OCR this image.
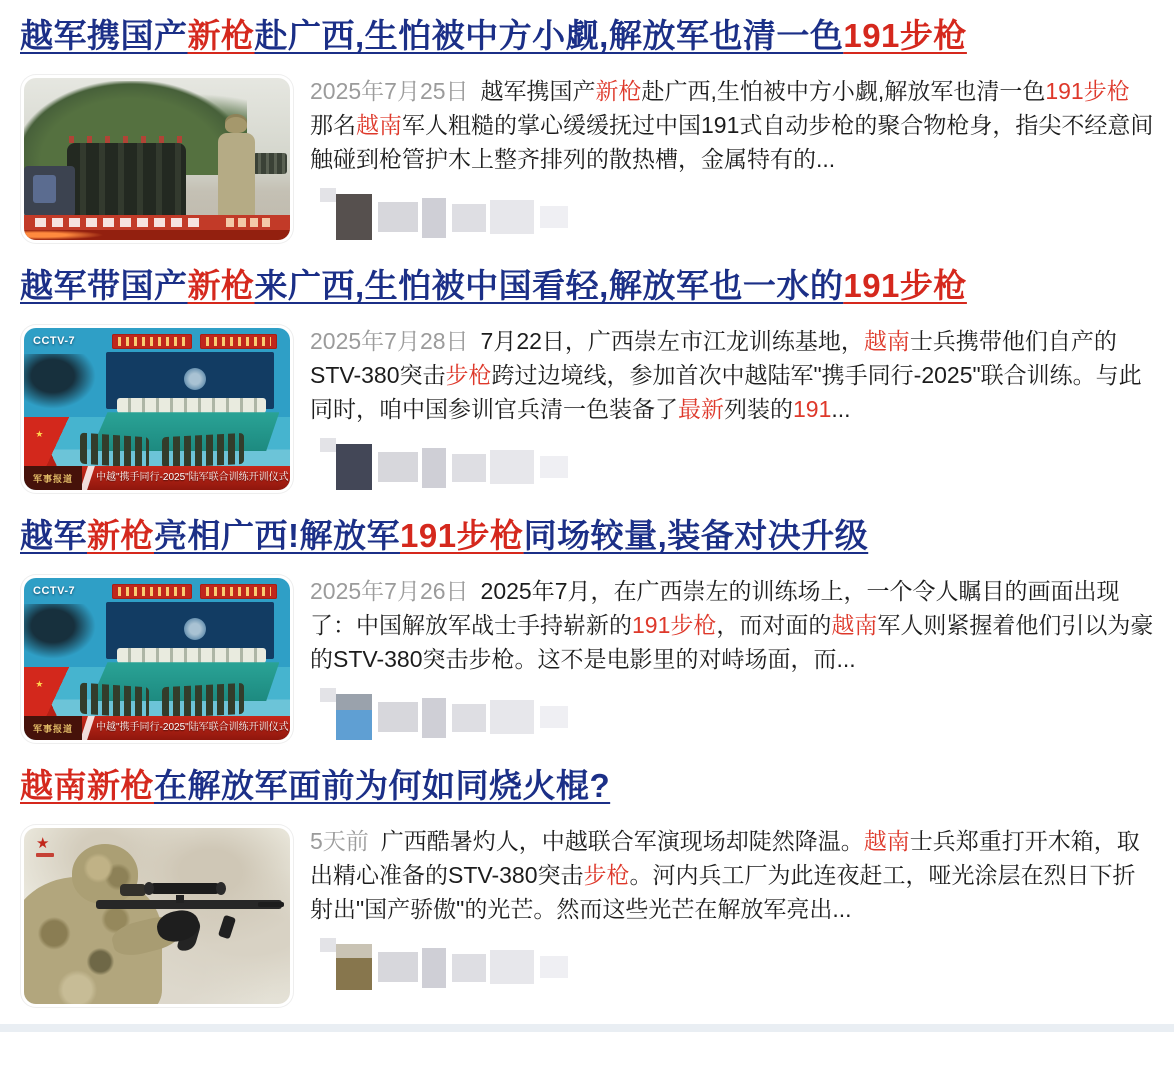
越军携国产新枪赴广西,生怕被中方小觑,解放军也清一色191步枪

2025年7月25日 越军携国产新枪赴广西,生怕被中方小觑,解放军也清一色191步枪 那名越南军人粗糙的掌心缓缓抚过中国191式自动步枪的聚合物枪身，指尖不经意间触碰到枪管护木上整齐排列的散热槽，金属特有的...

越军带国产新枪来广西,生怕被中国看轻,解放军也一水的191步枪
CCTV-7
★
军事报道	中越"携手同行-2025"陆军联合训练开训仪式

2025年7月28日 7月22日，广西崇左市江龙训练基地，越南士兵携带他们自产的STV-380突击步枪跨过边境线，参加首次中越陆军"携手同行-2025"联合训练。与此同时，咱中国参训官兵清一色装备了最新列装的191...

越军新枪亮相广西!解放军191步枪同场较量,装备对决升级
CCTV-7
★
军事报道	中越"携手同行-2025"陆军联合训练开训仪式

2025年7月26日 2025年7月，在广西崇左的训练场上，一个令人瞩目的画面出现了：中国解放军战士手持崭新的191步枪，而对面的越南军人则紧握着他们引以为豪的STV-380突击步枪。这不是电影里的对峙场面，而...

越南新枪在解放军面前为何如同烧火棍?
★	5天前 广西酷暑灼人，中越联合军演现场却陡然降温。越南士兵郑重打开木箱，取出精心准备的STV-380突击步枪。河内兵工厂为此连夜赶工，哑光涂层在烈日下折射出"国产骄傲"的光芒。然而这些光芒在解放军亮出...
